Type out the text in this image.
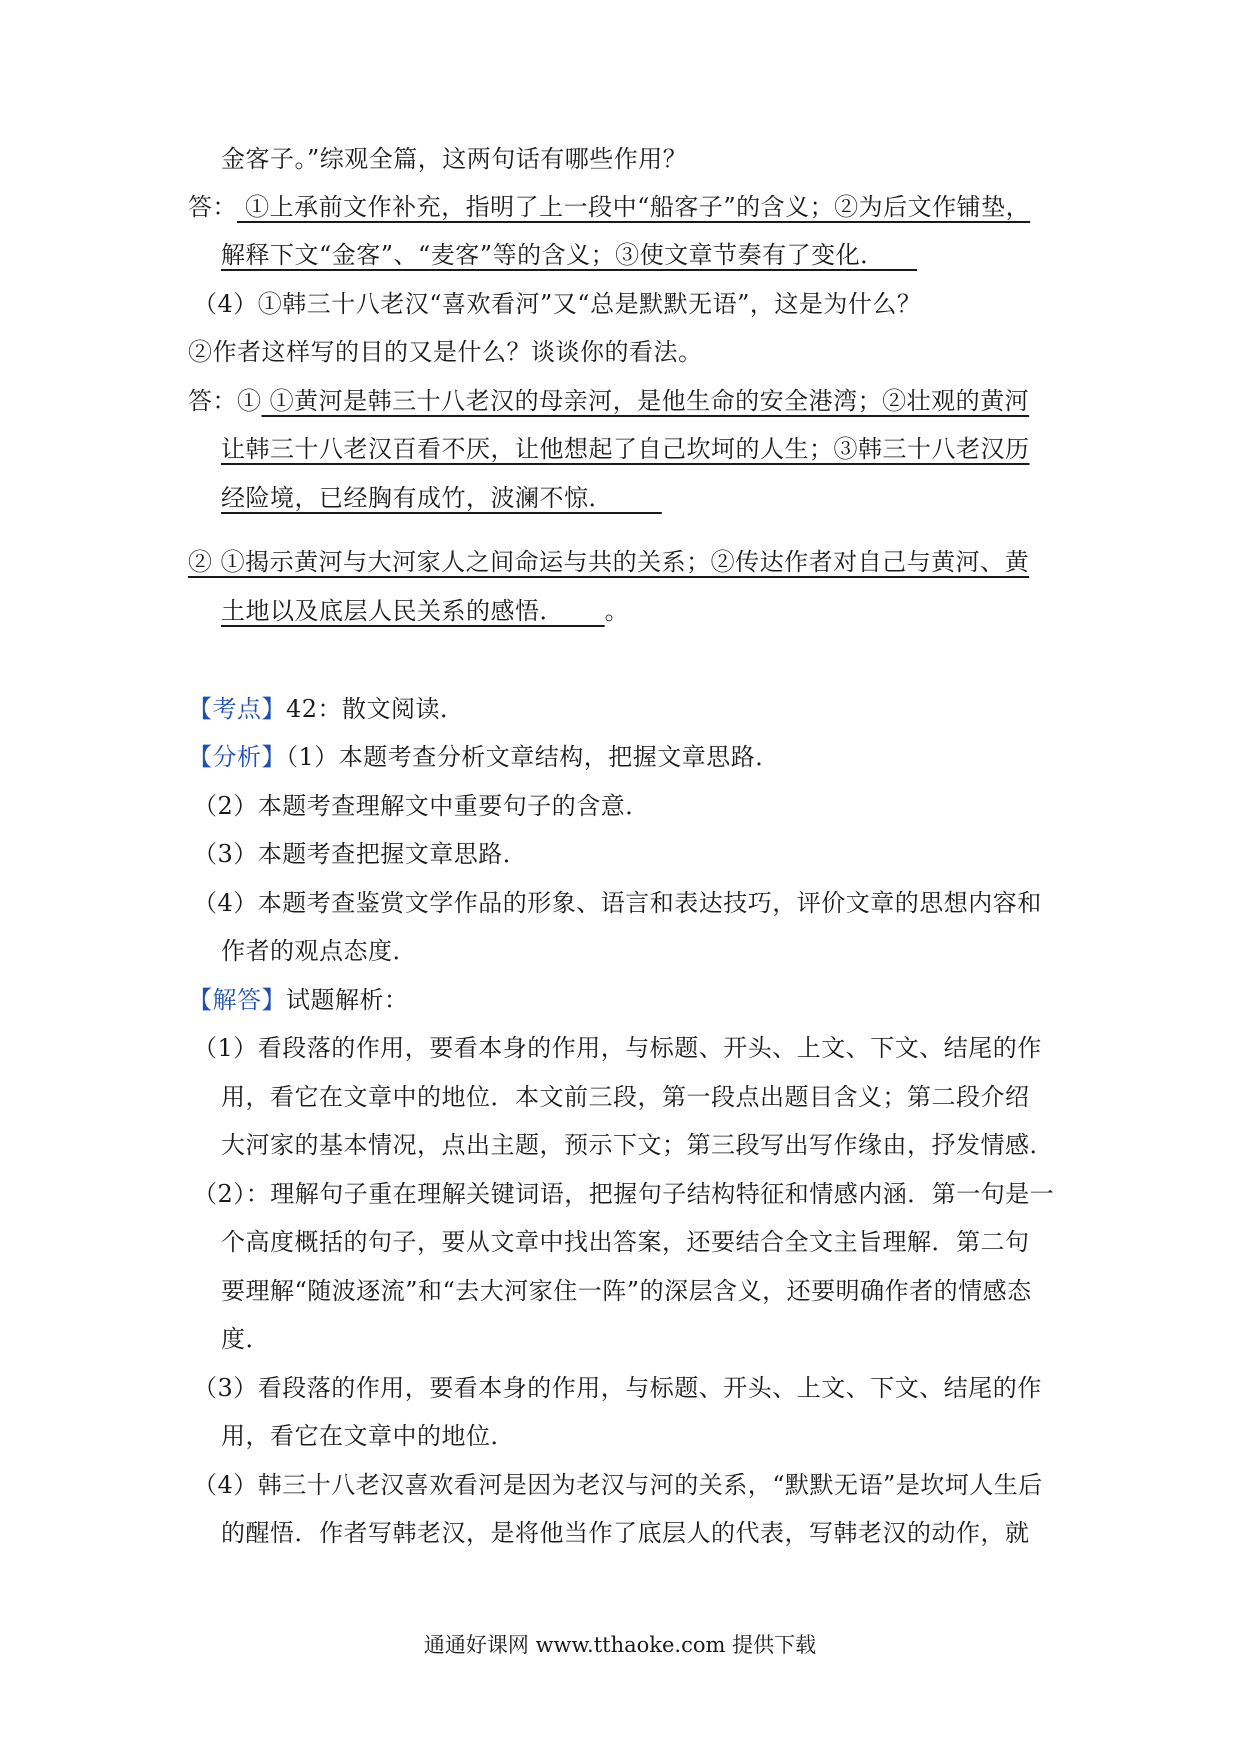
金客子。”综观全篇，这两句话有哪些作用？
答： ①上承前文作补充，指明了上一段中“船客子”的含义；②为后文作铺垫，
解释下文“金客”、“麦客”等的含义；③使文章节奏有了变化．
（4）①韩三十八老汉“喜欢看河”又“总是默默无语”，这是为什么？
②作者这样写的目的又是什么？谈谈你的看法。
答：① ①黄河是韩三十八老汉的母亲河，是他生命的安全港湾；②壮观的黄河
让韩三十八老汉百看不厌，让他想起了自己坎坷的人生；③韩三十八老汉历
经险境，已经胸有成竹，波澜不惊．
② ①揭示黄河与大河家人之间命运与共的关系；②传达作者对自己与黄河、黄
土地以及底层人民关系的感悟． 。
【考点】42：散文阅读．
【分析】（1）本题考查分析文章结构，把握文章思路．
（2）本题考查理解文中重要句子的含意．
（3）本题考查把握文章思路．
（4）本题考查鉴赏文学作品的形象、语言和表达技巧，评价文章的思想内容和
作者的观点态度．
【解答】试题解析：
（1）看段落的作用，要看本身的作用，与标题、开头、上文、下文、结尾的作
用，看它在文章中的地位．本文前三段，第一段点出题目含义；第二段介绍
大河家的基本情况，点出主题，预示下文；第三段写出写作缘由，抒发情感．
（2）：理解句子重在理解关键词语，把握句子结构特征和情感内涵．第一句是一
个高度概括的句子，要从文章中找出答案，还要结合全文主旨理解．第二句
要理解“随波逐流”和“去大河家住一阵”的深层含义，还要明确作者的情感态
度．
（3）看段落的作用，要看本身的作用，与标题、开头、上文、下文、结尾的作
用，看它在文章中的地位．
（4）韩三十八老汉喜欢看河是因为老汉与河的关系，“默默无语”是坎坷人生后
的醒悟．作者写韩老汉，是将他当作了底层人的代表，写韩老汉的动作，就
通通好课网 www.tthaoke.com 提供下载
